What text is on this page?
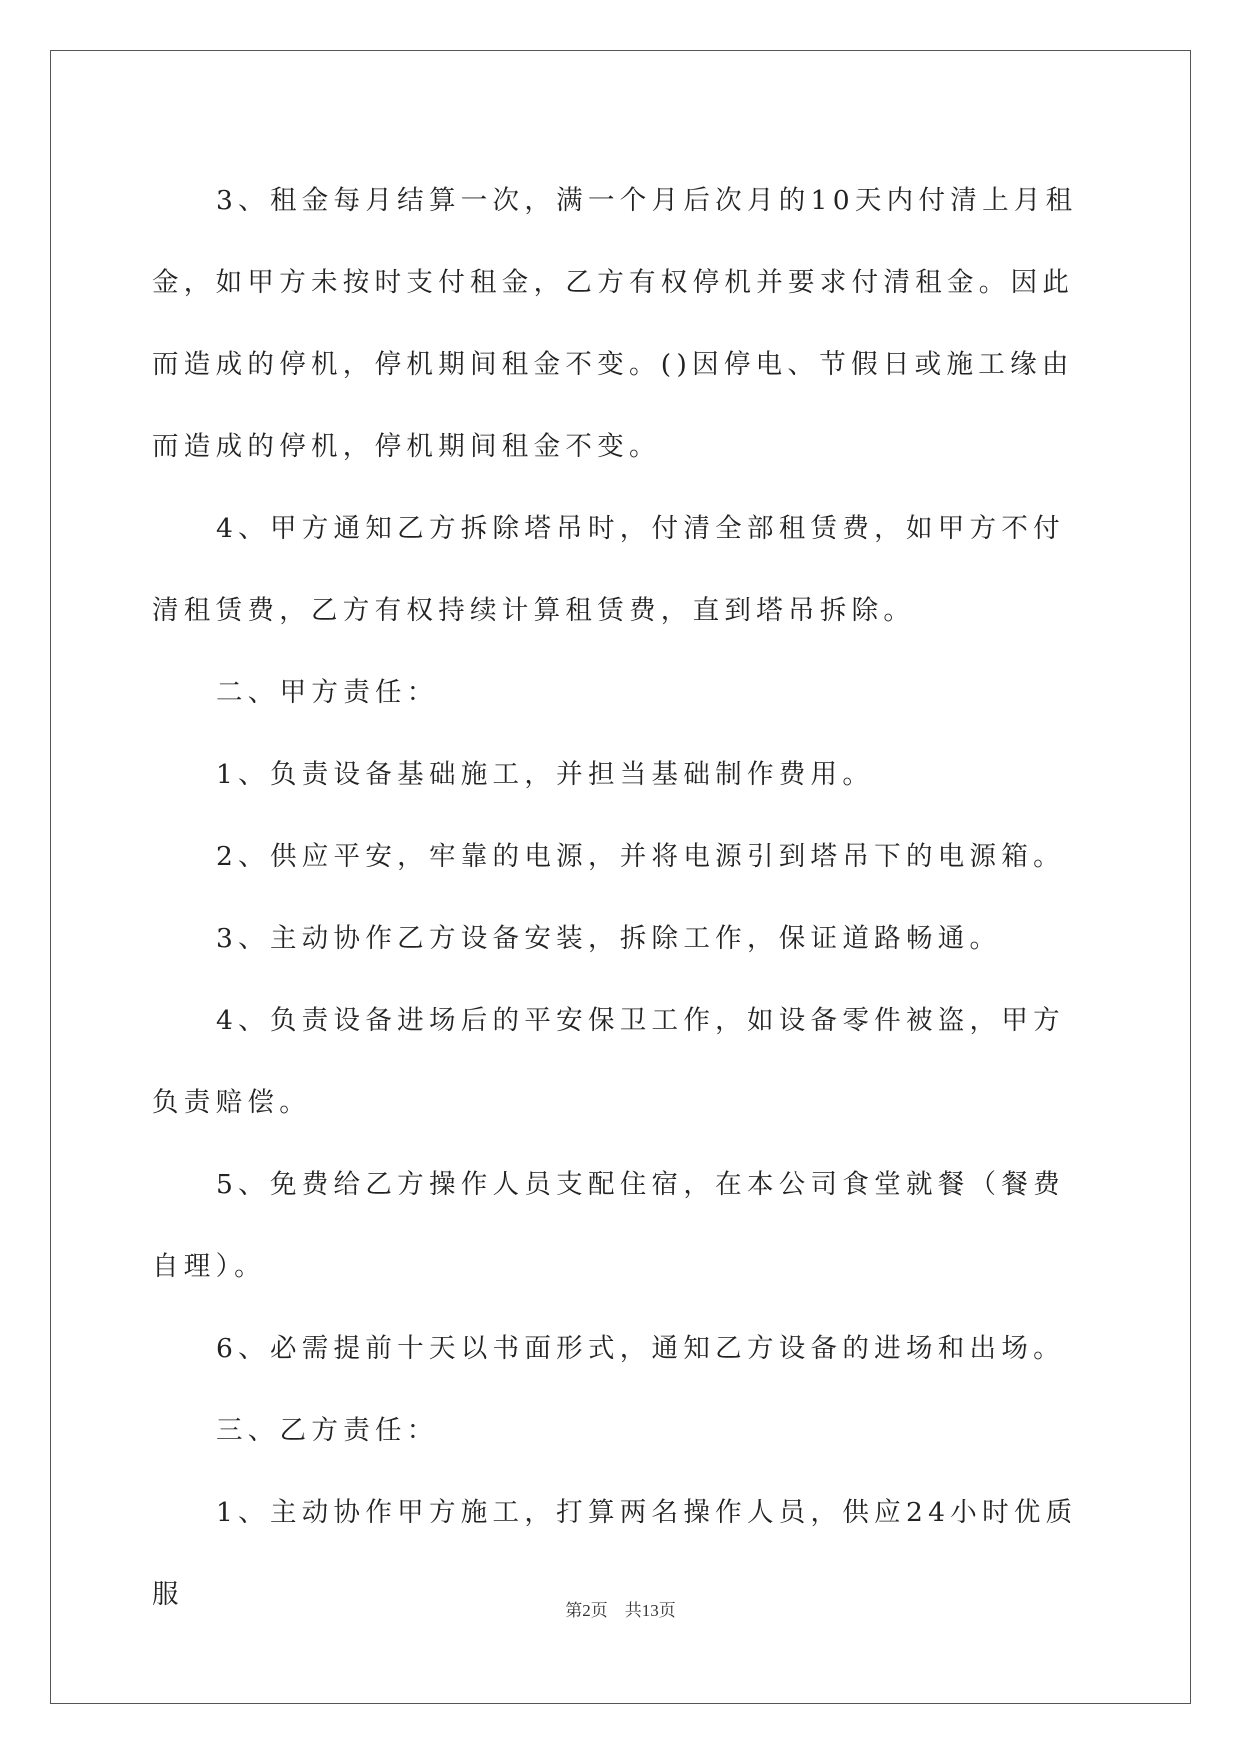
3、租金每月结算一次，满一个月后次月的10天内付清上月租金，如甲方未按时支付租金，乙方有权停机并要求付清租金。因此而造成的停机，停机期间租金不变。()因停电、节假日或施工缘由而造成的停机，停机期间租金不变。

4、甲方通知乙方拆除塔吊时，付清全部租赁费，如甲方不付清租赁费，乙方有权持续计算租赁费，直到塔吊拆除。

二、甲方责任：

1、负责设备基础施工，并担当基础制作费用。

2、供应平安，牢靠的电源，并将电源引到塔吊下的电源箱。

3、主动协作乙方设备安装，拆除工作，保证道路畅通。

4、负责设备进场后的平安保卫工作，如设备零件被盗，甲方负责赔偿。

5、免费给乙方操作人员支配住宿，在本公司食堂就餐（餐费自理）。

6、必需提前十天以书面形式，通知乙方设备的进场和出场。

三、乙方责任：

1、主动协作甲方施工，打算两名操作人员，供应24小时优质服

第2页    共13页
